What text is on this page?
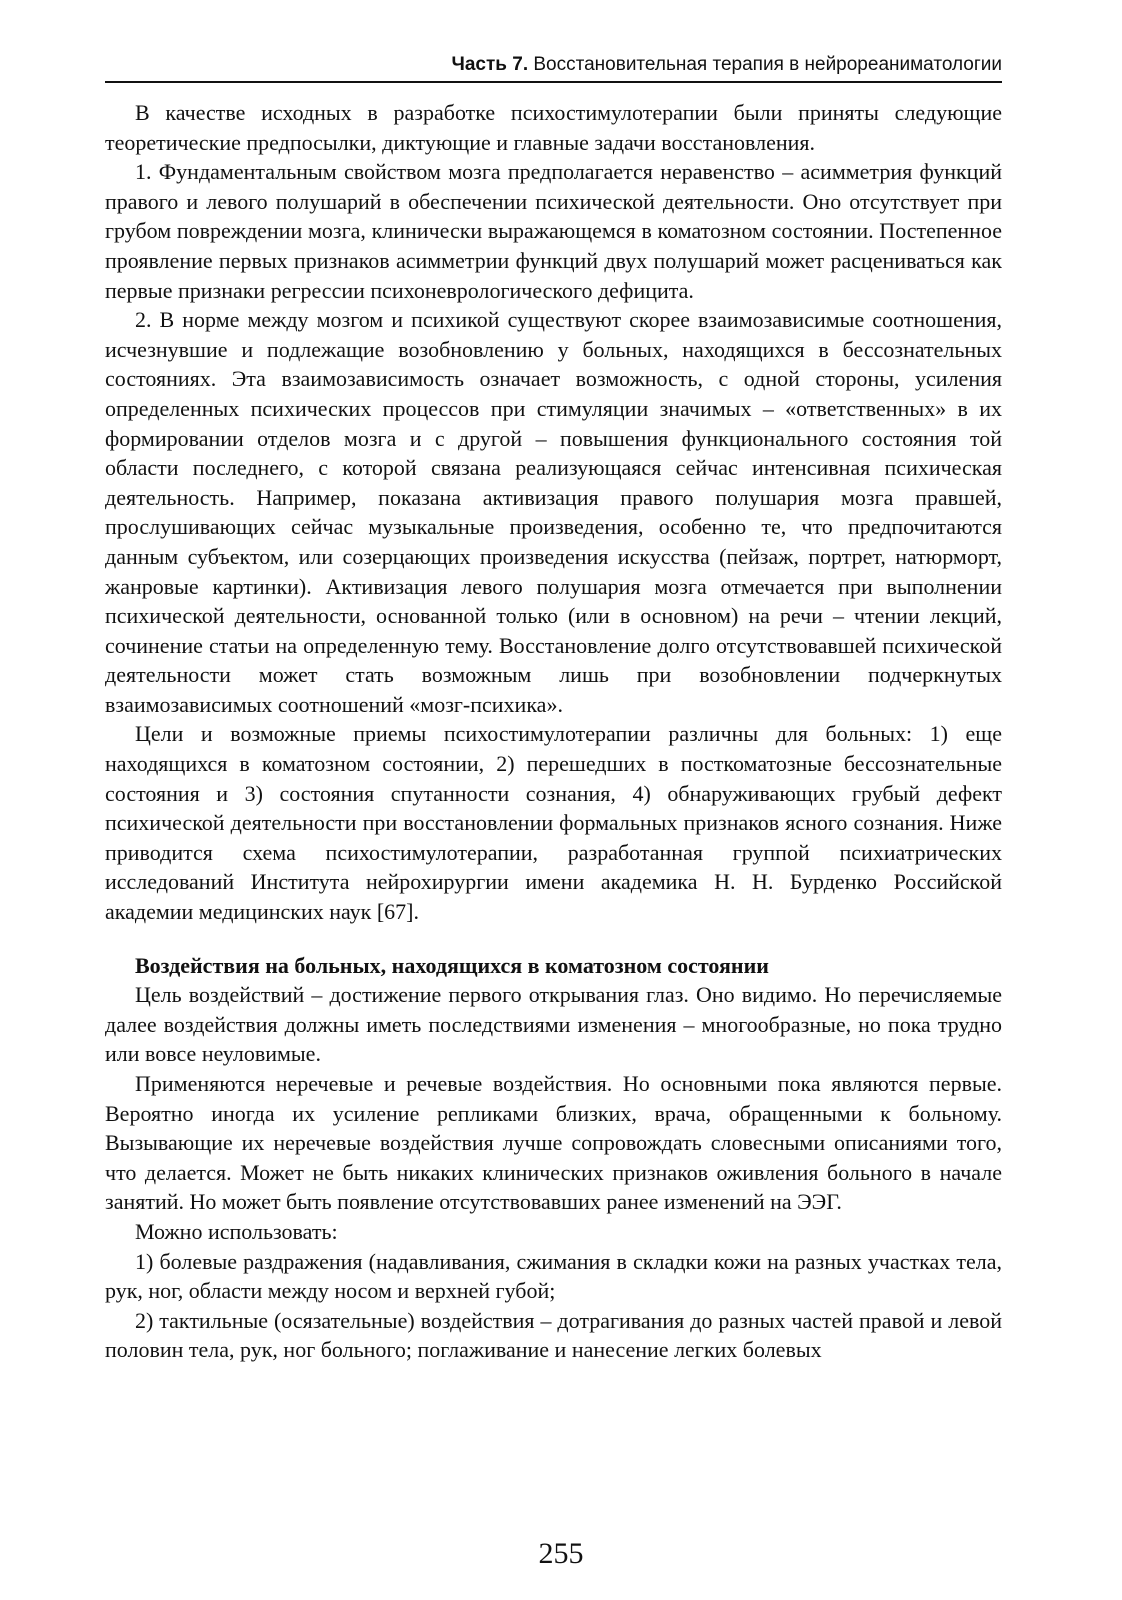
Часть 7. Восстановительная терапия в нейрореаниматологии

В качестве исходных в разработке психостимулотерапии были приняты следующие теоретические предпосылки, диктующие и главные задачи восстановления.

1. Фундаментальным свойством мозга предполагается неравенство – асимметрия функций правого и левого полушарий в обеспечении психической деятельности. Оно отсутствует при грубом повреждении мозга, клинически выражающемся в коматозном состоянии. Постепенное проявление первых признаков асимметрии функций двух полушарий может расцениваться как первые признаки регрессии психоневрологического дефицита.

2. В норме между мозгом и психикой существуют скорее взаимозависимые соотношения, исчезнувшие и подлежащие возобновлению у больных, находящихся в бессознательных состояниях. Эта взаимозависимость означает возможность, с одной стороны, усиления определенных психических процессов при стимуляции значимых – «ответственных» в их формировании отделов мозга и с другой – повышения функционального состояния той области последнего, с которой связана реализующаяся сейчас интенсивная психическая деятельность. Например, показана активизация правого полушария мозга правшей, прослушивающих сейчас музыкальные произведения, особенно те, что предпочитаются данным субъектом, или созерцающих произведения искусства (пейзаж, портрет, натюрморт, жанровые картинки). Активизация левого полушария мозга отмечается при выполнении психической деятельности, основанной только (или в основном) на речи – чтении лекций, сочинение статьи на определенную тему. Восстановление долго отсутствовавшей психической деятельности может стать возможным лишь при возобновлении подчеркнутых взаимозависимых соотношений «мозг-психика».

Цели и возможные приемы психостимулотерапии различны для больных: 1) еще находящихся в коматозном состоянии, 2) перешедших в посткоматозные бессознательные состояния и 3) состояния спутанности сознания, 4) обнаруживающих грубый дефект психической деятельности при восстановлении формальных признаков ясного сознания. Ниже приводится схема психостимулотерапии, разработанная группой психиатрических исследований Института нейрохирургии имени академика Н. Н. Бурденко Российской академии медицинских наук [67].

Воздействия на больных, находящихся в коматозном состоянии

Цель воздействий – достижение первого открывания глаз. Оно видимо. Но перечисляемые далее воздействия должны иметь последствиями изменения – многообразные, но пока трудно или вовсе неуловимые.

Применяются неречевые и речевые воздействия. Но основными пока являются первые. Вероятно иногда их усиление репликами близких, врача, обращенными к больному. Вызывающие их неречевые воздействия лучше сопровождать словесными описаниями того, что делается. Может не быть никаких клинических признаков оживления больного в начале занятий. Но может быть появление отсутствовавших ранее изменений на ЭЭГ.

Можно использовать:

1) болевые раздражения (надавливания, сжимания в складки кожи на разных участках тела, рук, ног, области между носом и верхней губой;

2) тактильные (осязательные) воздействия – дотрагивания до разных частей правой и левой половин тела, рук, ног больного; поглаживание и нанесение легких болевых

255
